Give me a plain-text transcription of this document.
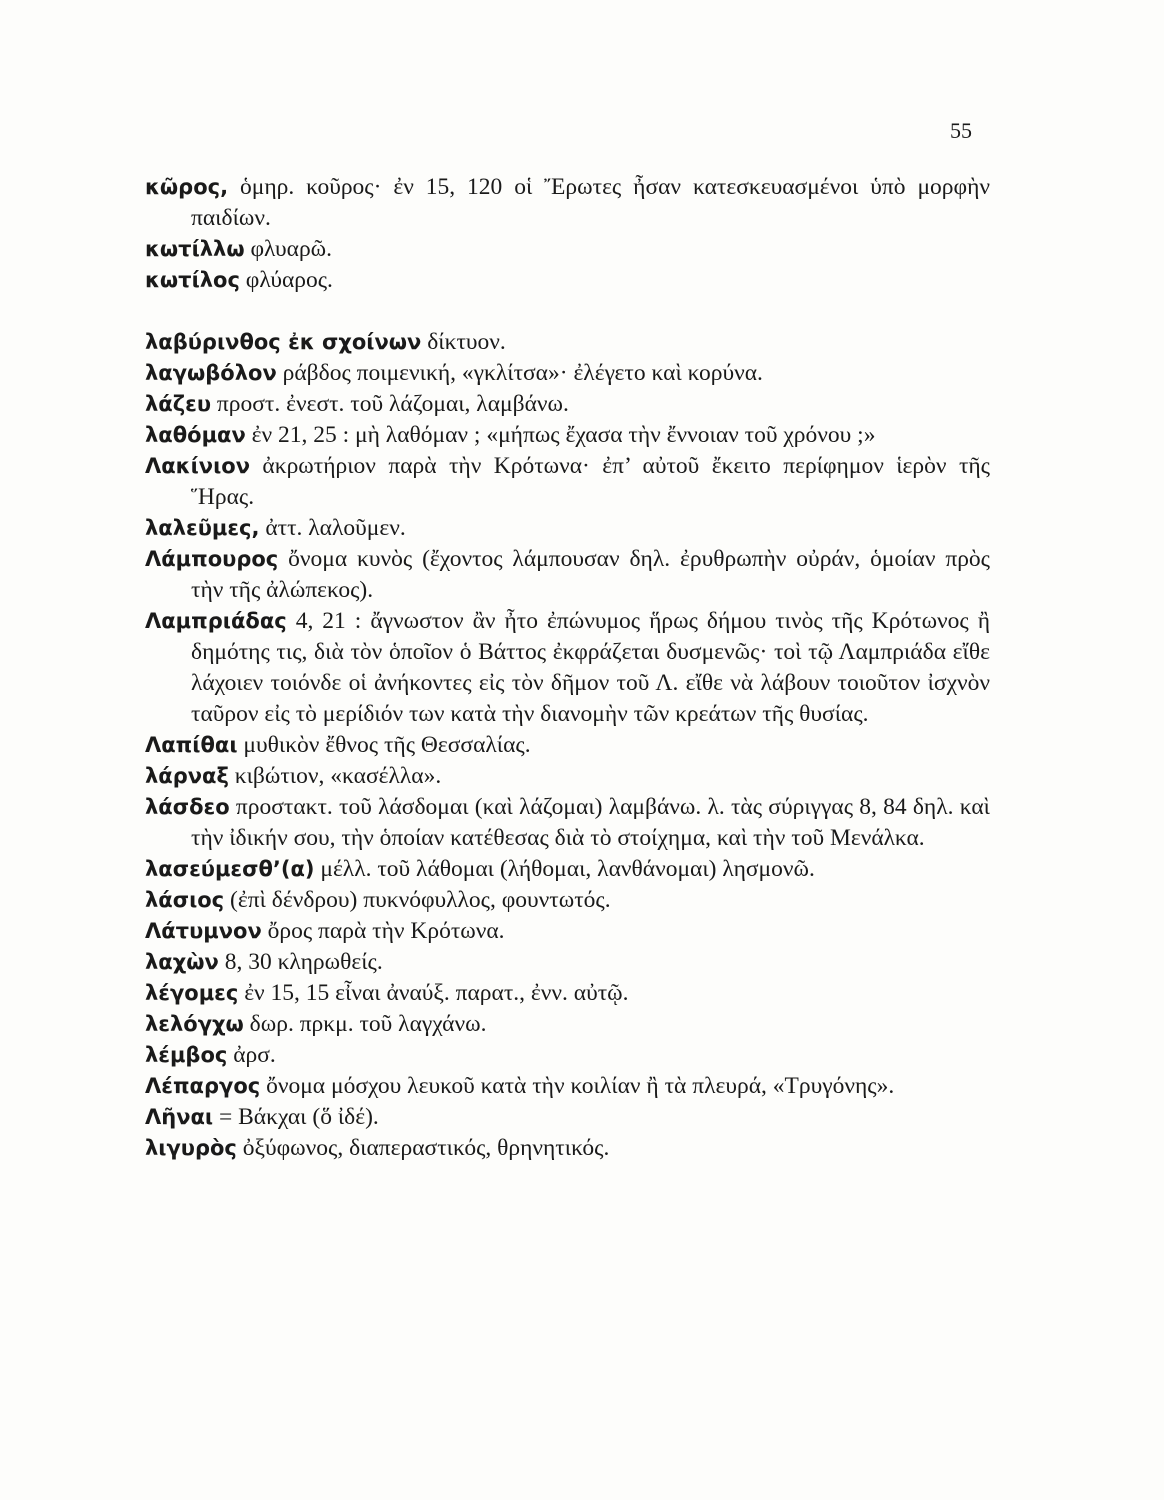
55
κῶρος, ὁμηρ. κοῦρος· ἐν 15, 120 οἱ Ἔρωτες ἦσαν κατεσκευασμένοι ὑπὸ μορφὴν παιδίων.
κωτίλλω φλυαρῶ.
κωτίλος φλύαρος.
λαβύρινθος ἐκ σχοίνων δίκτυον.
λαγωβόλον ράβδος ποιμενική, «γκλίτσα»· ἐλέγετο καὶ κορύνα.
λάζευ προστ. ἐνεστ. τοῦ λάζομαι, λαμβάνω.
λαθόμαν ἐν 21, 25 : μὴ λαθόμαν ; «μήπως ἔχασα τὴν ἔννοιαν τοῦ χρόνου ;»
Λακίνιον ἀκρωτήριον παρὰ τὴν Κρότωνα· ἐπ’ αὐτοῦ ἔκειτο περίφημον ἱερὸν τῆς Ἥρας.
λαλεῦμες, ἀττ. λαλοῦμεν.
Λάμπουρος ὄνομα κυνὸς (ἔχοντος λάμπουσαν δηλ. ἐρυθρωπὴν οὐράν, ὁμοίαν πρὸς τὴν τῆς ἀλώπεκος).
Λαμπριάδας 4, 21 : ἄγνωστον ἂν ἦτο ἐπώνυμος ἥρως δήμου τινὸς τῆς Κρότωνος ἢ δημότης τις, διὰ τὸν ὁποῖον ὁ Βάττος ἐκφράζεται δυσμενῶς· τοὶ τῷ Λαμπριάδα εἴθε λάχοιεν τοιόνδε οἱ ἀνήκοντες εἰς τὸν δῆμον τοῦ Λ. εἴθε νὰ λάβουν τοιοῦτον ἰσχνὸν ταῦρον εἰς τὸ μερίδιόν των κατὰ τὴν διανομὴν τῶν κρεάτων τῆς θυσίας.
Λαπίθαι μυθικὸν ἔθνος τῆς Θεσσαλίας.
λάρναξ κιβώτιον, «κασέλλα».
λάσδεο προστακτ. τοῦ λάσδομαι (καὶ λάζομαι) λαμβάνω. λ. τὰς σύριγγας 8, 84 δηλ. καὶ τὴν ἰδικήν σου, τὴν ὁποίαν κατέθεσας διὰ τὸ στοίχημα, καὶ τὴν τοῦ Μενάλκα.
λασεύμεσθ’(α) μέλλ. τοῦ λάθομαι (λήθομαι, λανθάνομαι) λησμονῶ.
λάσιος (ἐπὶ δένδρου) πυκνόφυλλος, φουντωτός.
Λάτυμνον ὄρος παρὰ τὴν Κρότωνα.
λαχὼν 8, 30 κληρωθείς.
λέγομες ἐν 15, 15 εἶναι ἀναύξ. παρατ., ἐνν. αὐτῷ.
λελόγχω δωρ. πρκμ. τοῦ λαγχάνω.
λέμβος ἀρσ.
Λέπαργος ὄνομα μόσχου λευκοῦ κατὰ τὴν κοιλίαν ἢ τὰ πλευρά, «Τρυγόνης».
Λῆναι = Βάκχαι (ὅ ἰδέ).
λιγυρὸς ὀξύφωνος, διαπεραστικός, θρηνητικός.
